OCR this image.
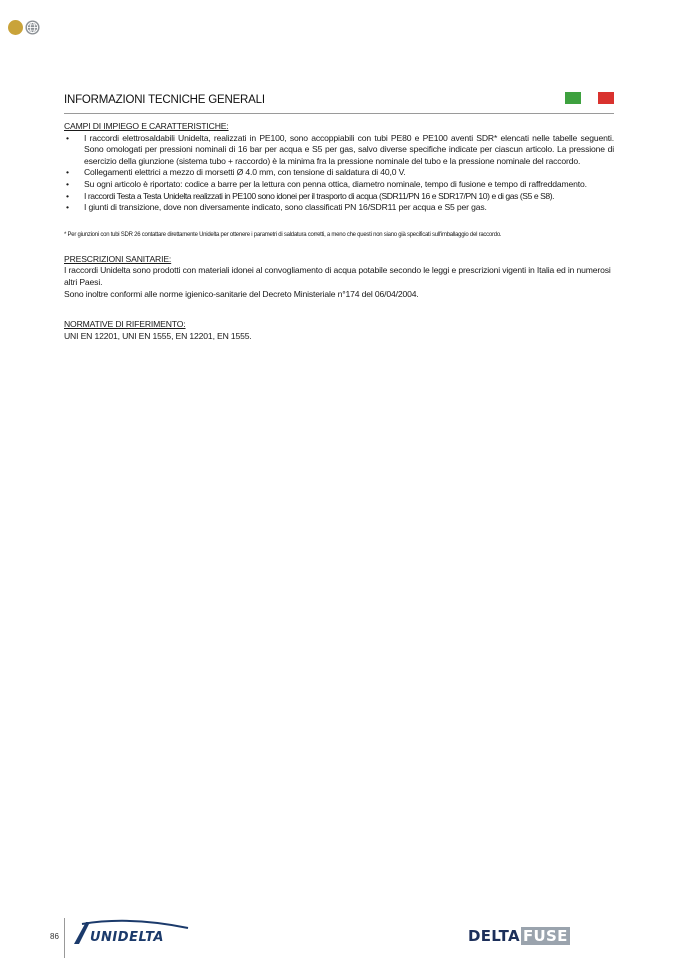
INFORMAZIONI TECNICHE GENERALI

CAMPI DI IMPIEGO E CARATTERISTICHE:

• I raccordi elettrosaldabili Unidelta, realizzati in PE100, sono accoppiabili con tubi PE80 e PE100 aventi SDR* elencati nelle tabelle seguenti. Sono omologati per pressioni nominali di 16 bar per acqua e S5 per gas, salvo diverse specifiche indicate per ciascun articolo. La pressione di esercizio della giunzione (sistema tubo + raccordo) è la minima fra la pressione nominale del tubo e la pressione nominale del raccordo.
• Collegamenti elettrici a mezzo di morsetti Ø 4.0 mm, con tensione di saldatura di 40,0 V.
• Su ogni articolo è riportato: codice a barre per la lettura con penna ottica, diametro nominale, tempo di fusione e tempo di raffreddamento.
• I raccordi Testa a Testa Unidelta realizzati in PE100 sono idonei per il trasporto di acqua (SDR11/PN 16 e SDR17/PN 10) e di gas (S5 e S8).
• I giunti di transizione, dove non diversamente indicato, sono classificati PN 16/SDR11 per acqua e S5 per gas.

* Per giunzioni con tubi SDR 26 contattare direttamente Unidelta per ottenere i parametri di saldatura corretti, a meno che questi non siano già specificati sull'imballaggio del raccordo.

PRESCRIZIONI SANITARIE:

I raccordi Unidelta sono prodotti con materiali idonei al convogliamento di acqua potabile secondo le leggi e prescrizioni vigenti in Italia ed in numerosi altri Paesi.

Sono inoltre conformi alle norme igienico-sanitarie del Decreto Ministeriale n°174 del 06/04/2004.

NORMATIVE DI RIFERIMENTO:

UNI EN 12201, UNI EN 1555, EN 12201, EN 1555.

86 UNIDELTA	DELTA FUSE
